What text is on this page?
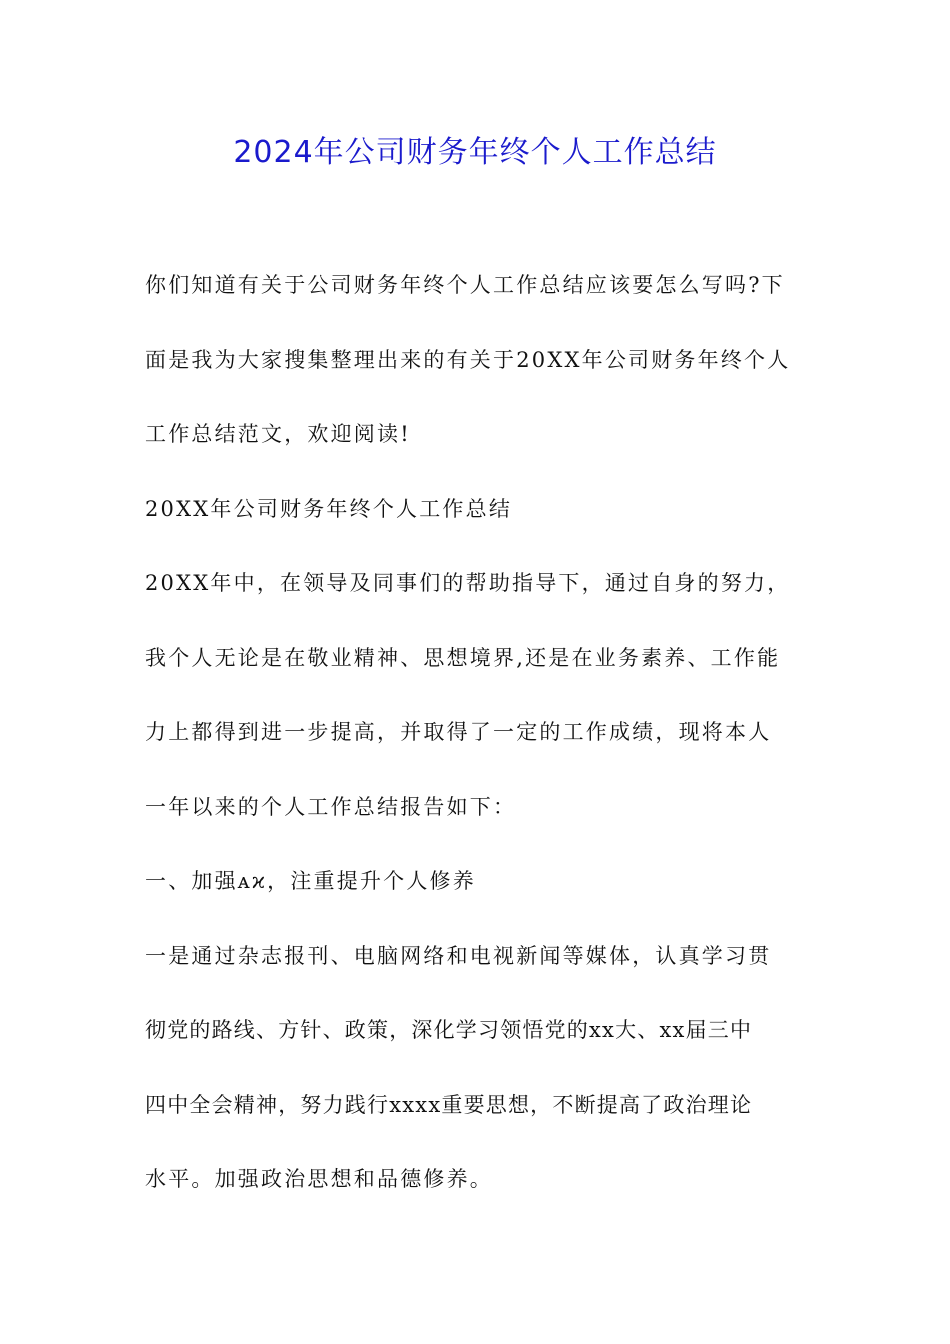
2024年公司财务年终个人工作总结
你们知道有关于公司财务年终个人工作总结应该要怎么写吗?下
面是我为大家搜集整理出来的有关于20XX年公司财务年终个人
工作总结范文，欢迎阅读!
20XX年公司财务年终个人工作总结
20XX年中，在领导及同事们的帮助指导下，通过自身的努力，
我个人无论是在敬业精神、思想境界,还是在业务素养、工作能
力上都得到进一步提高，并取得了一定的工作成绩，现将本人
一年以来的个人工作总结报告如下：
一、加强ᴀϰ，注重提升个人修养
一是通过杂志报刊、电脑网络和电视新闻等媒体，认真学习贯
彻党的路线、方针、政策，深化学习领悟党的xx大、xx届三中
四中全会精神，努力践行xxxx重要思想，不断提高了政治理论
水平。加强政治思想和品德修养。
